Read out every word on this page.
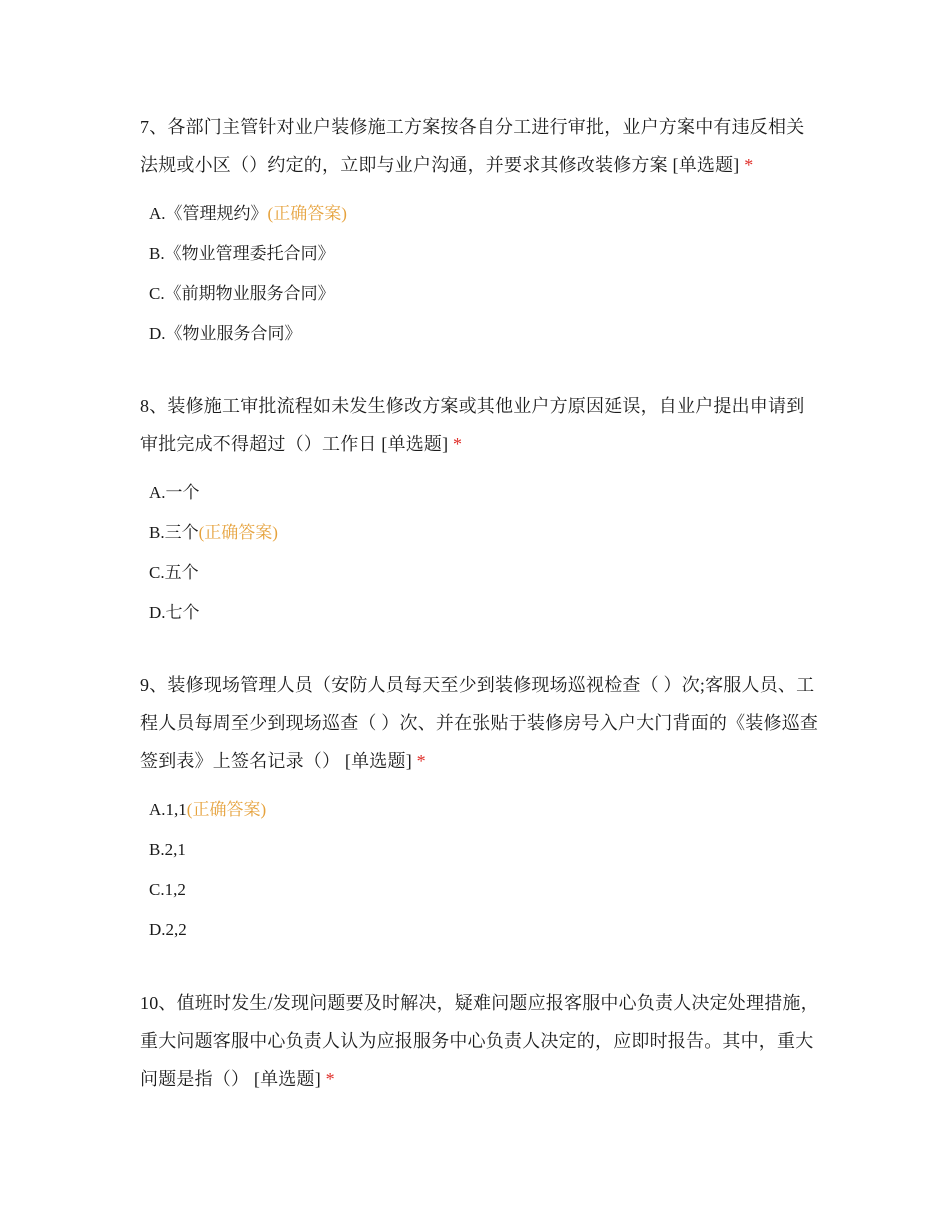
7、各部门主管针对业户装修施工方案按各自分工进行审批，业户方案中有违反相关法规或小区（）约定的，立即与业户沟通，并要求其修改装修方案 [单选题] *

A.《管理规约》(正确答案)
B.《物业管理委托合同》
C.《前期物业服务合同》
D.《物业服务合同》

8、装修施工审批流程如未发生修改方案或其他业户方原因延误，自业户提出申请到审批完成不得超过（）工作日 [单选题] *

A.一个
B.三个(正确答案)
C.五个
D.七个

9、装修现场管理人员（安防人员每天至少到装修现场巡视检查（ ）次;客服人员、工程人员每周至少到现场巡查（ ）次、并在张贴于装修房号入户大门背面的《装修巡查签到表》上签名记录（） [单选题] *

A.1,1(正确答案)
B.2,1
C.1,2
D.2,2

10、值班时发生/发现问题要及时解决，疑难问题应报客服中心负责人决定处理措施，重大问题客服中心负责人认为应报服务中心负责人决定的，应即时报告。其中，重大问题是指（） [单选题] *
